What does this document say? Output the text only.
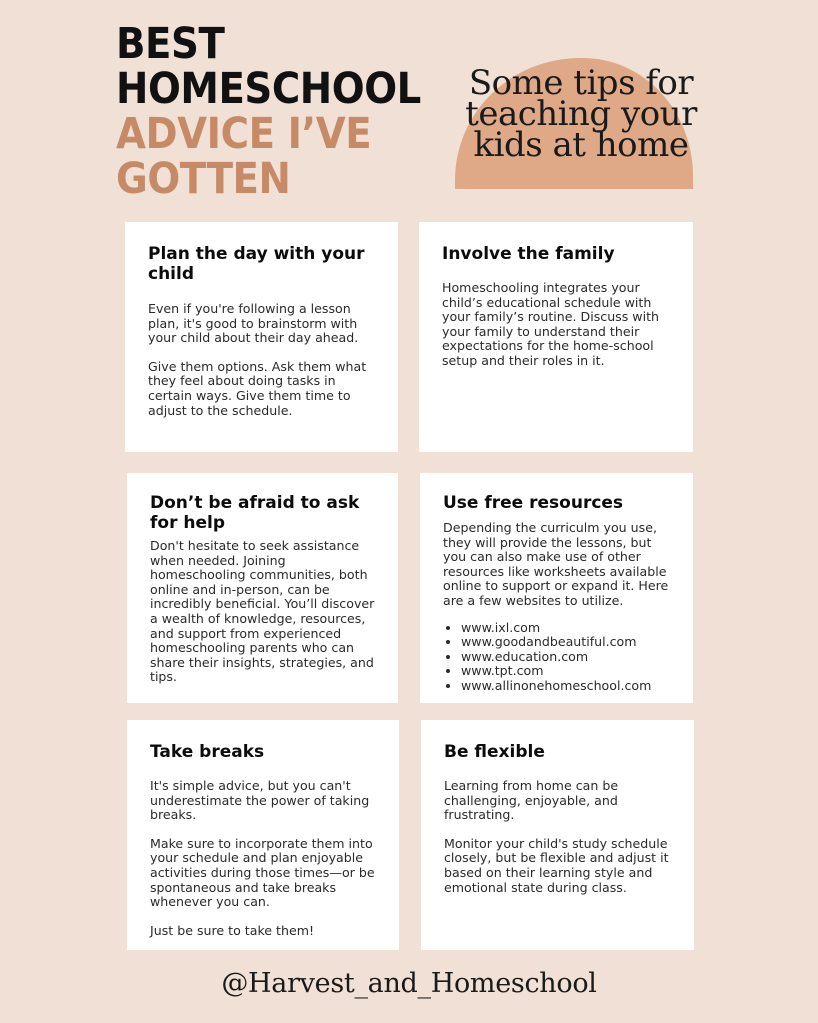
BEST
HOMESCHOOL
ADVICE I’VE
GOTTEN

Some tips for
teaching your
kids at home

Plan the day with your child

Even if you're following a lesson plan, it's good to brainstorm with your child about their day ahead.

Give them options. Ask them what they feel about doing tasks in certain ways. Give them time to adjust to the schedule.

Involve the family

Homeschooling integrates your child’s educational schedule with your family’s routine. Discuss with your family to understand their expectations for the home-school setup and their roles in it.

Don’t be afraid to ask for help

Don't hesitate to seek assistance when needed. Joining homeschooling communities, both online and in-person, can be incredibly beneficial. You’ll discover a wealth of knowledge, resources, and support from experienced homeschooling parents who can share their insights, strategies, and tips.

Use free resources

Depending the curriculm you use, they will provide the lessons, but you can also make use of other resources like worksheets available online to support or expand it. Here are a few websites to utilize.

• www.ixl.com
• www.goodandbeautiful.com
• www.education.com
• www.tpt.com
• www.allinonehomeschool.com
Take breaks

It's simple advice, but you can't underestimate the power of taking breaks.

Make sure to incorporate them into your schedule and plan enjoyable activities during those times—or be spontaneous and take breaks whenever you can.

Just be sure to take them!

Be flexible

Learning from home can be challenging, enjoyable, and frustrating.

Monitor your child's study schedule closely, but be flexible and adjust it based on their learning style and emotional state during class.

@Harvest_and_Homeschool
